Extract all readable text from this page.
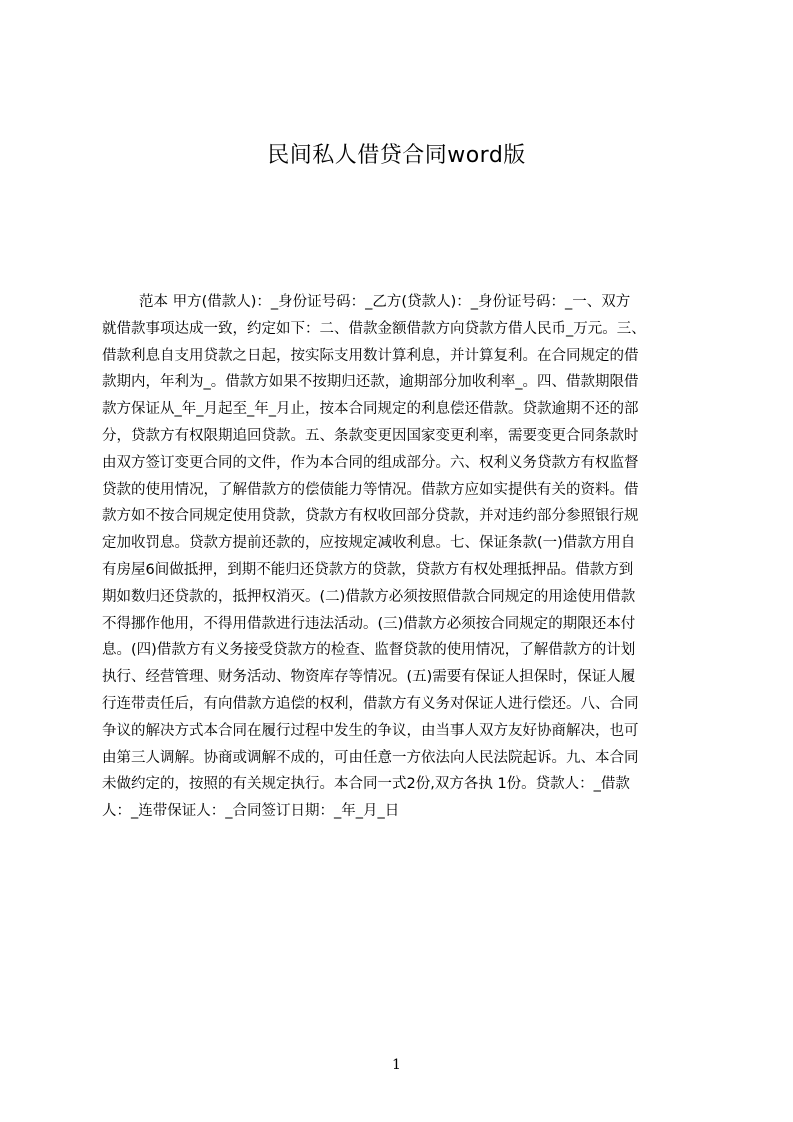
民间私人借贷合同word版
范本 甲方(借款人)：_身份证号码：_乙方(贷款人)：_身份证号码：_一、双方
就借款事项达成一致，约定如下：二、借款金额借款方向贷款方借人民币_万元。三、
借款利息自支用贷款之日起，按实际支用数计算利息，并计算复利。在合同规定的借
款期内，年利为_。借款方如果不按期归还款，逾期部分加收利率_。四、借款期限借
款方保证从_年_月起至_年_月止，按本合同规定的利息偿还借款。贷款逾期不还的部
分，贷款方有权限期追回贷款。五、条款变更因国家变更利率，需要变更合同条款时
由双方签订变更合同的文件，作为本合同的组成部分。六、权利义务贷款方有权监督
贷款的使用情况，了解借款方的偿债能力等情况。借款方应如实提供有关的资料。借
款方如不按合同规定使用贷款，贷款方有权收回部分贷款，并对违约部分参照银行规
定加收罚息。贷款方提前还款的，应按规定减收利息。七、保证条款(一)借款方用自
有房屋6间做抵押，到期不能归还贷款方的贷款，贷款方有权处理抵押品。借款方到
期如数归还贷款的，抵押权消灭。(二)借款方必须按照借款合同规定的用途使用借款
不得挪作他用，不得用借款进行违法活动。(三)借款方必须按合同规定的期限还本付
息。(四)借款方有义务接受贷款方的检查、监督贷款的使用情况，了解借款方的计划
执行、经营管理、财务活动、物资库存等情况。(五)需要有保证人担保时，保证人履
行连带责任后，有向借款方追偿的权利，借款方有义务对保证人进行偿还。八、合同
争议的解决方式本合同在履行过程中发生的争议，由当事人双方友好协商解决，也可
由第三人调解。协商或调解不成的，可由任意一方依法向人民法院起诉。九、本合同
未做约定的，按照的有关规定执行。本合同一式2份,双方各执 1份。贷款人：_借款
人：_连带保证人：_合同签订日期：_年_月_日
1
